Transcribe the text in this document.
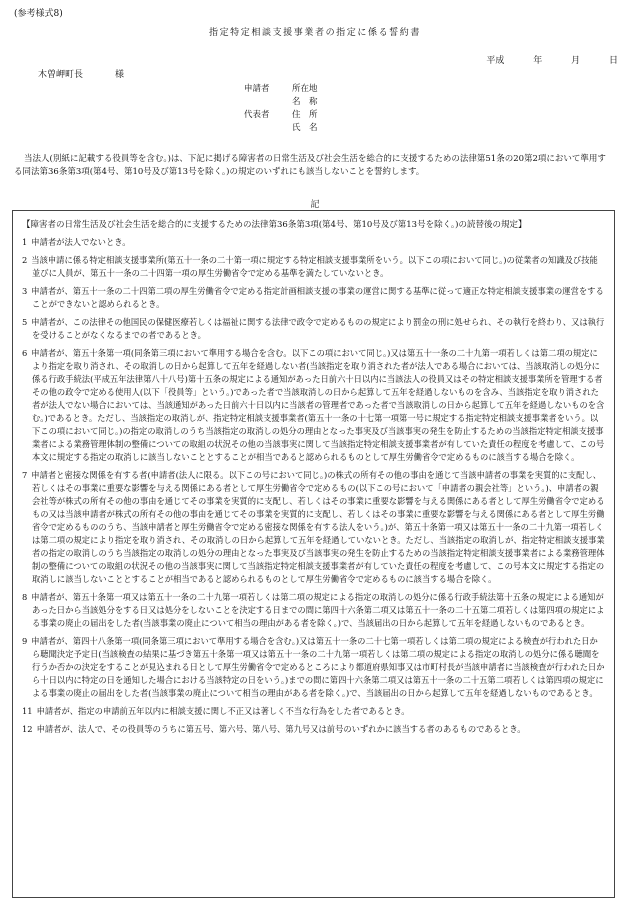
(参考様式8)
指定特定相談支援事業者の指定に係る誓約書
平成	年	月	日
木曽岬町長	様
申請者	所在地
名　称
代表者	住　所
氏　名
当法人(別紙に記載する役員等を含む。)は、下記に掲げる障害者の日常生活及び社会生活を総合的に支援するための法律第51条の20第2項において準用する同法第36条第3項(第4号、第10号及び第13号を除く。)の規定のいずれにも該当しないことを誓約します。
記
【障害者の日常生活及び社会生活を総合的に支援するための法律第36条第3項(第4号、第10号及び第13号を除く。)の読替後の規定】
1 申請者が法人でないとき。
2 当該申請に係る特定相談支援事業所(第五十一条の二十第一項に規定する特定相談支援事業所をいう。以下この項において同じ。)の従業者の知識及び技能並びに人員が、第五十一条の二十四第一項の厚生労働省令で定める基準を満たしていないとき。
3 申請者が、第五十一条の二十四第二項の厚生労働省令で定める指定計画相談支援の事業の運営に関する基準に従って適正な特定相談支援事業の運営をすることができないと認められるとき。
5 申請者が、この法律その他国民の保健医療若しくは福祉に関する法律で政令で定めるものの規定により罰金の刑に処せられ、その執行を終わり、又は執行を受けることがなくなるまでの者であるとき。
6 申請者が、第五十条第一項(同条第三項において準用する場合を含む。以下この項において同じ。)又は第五十一条の二十九第一項若しくは第二項の規定により指定を取り消され、その取消しの日から起算して五年を経過しない者(当該指定を取り消された者が法人である場合においては、当該取消しの処分に係る行政手続法(平成五年法律第八十八号)第十五条の規定による通知があった日前六十日以内に当該法人の役員又はその特定相談支援事業所を管理する者その他の政令で定める使用人(以下「役員等」という。)であった者で当該取消しの日から起算して五年を経過しないものを含み、当該指定を取り消された者が法人でない場合においては、当該通知があった日前六十日以内に当該者の管理者であった者で当該取消しの日から起算して五年を経過しないものを含む。)であるとき。ただし、当該指定の取消しが、指定特定相談支援事業者(第五十一条の十七第一項第一号に規定する指定特定相談支援事業者をいう。以下この項において同じ。)の指定の取消しのうち当該指定の取消しの処分の理由となった事実及び当該事実の発生を防止するための当該指定特定相談支援事業者による業務管理体制の整備についての取組の状況その他の当該事実に関して当該指定特定相談支援事業者が有していた責任の程度を考慮して、この号本文に規定する指定の取消しに該当しないこととすることが相当であると認められるものとして厚生労働省令で定めるものに該当する場合を除く。
7 申請者と密接な関係を有する者(申請者(法人に限る。以下この号において同じ。)の株式の所有その他の事由を通じて当該申請者の事業を実質的に支配し、若しくはその事業に重要な影響を与える関係にある者として厚生労働省令で定めるもの(以下この号において「申請者の親会社等」という。)、申請者の親会社等が株式の所有その他の事由を通じてその事業を実質的に支配し、若しくはその事業に重要な影響を与える関係にある者として厚生労働省令で定めるもの又は当該申請者が株式の所有その他の事由を通じてその事業を実質的に支配し、若しくはその事業に重要な影響を与える関係にある者として厚生労働省令で定めるもののうち、当該申請者と厚生労働省令で定める密接な関係を有する法人をいう。)が、第五十条第一項又は第五十一条の二十九第一項若しくは第二項の規定により指定を取り消され、その取消しの日から起算して五年を経過していないとき。ただし、当該指定の取消しが、指定特定相談支援事業者の指定の取消しのうち当該指定の取消しの処分の理由となった事実及び当該事実の発生を防止するための当該指定特定相談支援事業者による業務管理体制の整備についての取組の状況その他の当該事実に関して当該指定特定相談支援事業者が有していた責任の程度を考慮して、この号本文に規定する指定の取消しに該当しないこととすることが相当であると認められるものとして厚生労働省令で定めるものに該当する場合を除く。
8 申請者が、第五十条第一項又は第五十一条の二十九第一項若しくは第二項の規定による指定の取消しの処分に係る行政手続法第十五条の規定による通知があった日から当該処分をする日又は処分をしないことを決定する日までの間に第四十六条第二項又は第五十一条の二十五第二項若しくは第四項の規定による事業の廃止の届出をした者(当該事業の廃止について相当の理由がある者を除く。)で、当該届出の日から起算して五年を経過しないものであるとき。
9 申請者が、第四十八条第一項(同条第三項において準用する場合を含む。)又は第五十一条の二十七第一項若しくは第二項の規定による検査が行われた日から聴聞決定予定日(当該検査の結果に基づき第五十条第一項又は第五十一条の二十九第一項若しくは第二項の規定による指定の取消しの処分に係る聴聞を行うか否かの決定をすることが見込まれる日として厚生労働省令で定めるところにより都道府県知事又は市町村長が当該申請者に当該検査が行われた日から十日以内に特定の日を通知した場合における当該特定の日をいう。)までの間に第四十六条第二項又は第五十一条の二十五第二項若しくは第四項の規定による事業の廃止の届出をした者(当該事業の廃止について相当の理由がある者を除く。)で、当該届出の日から起算して五年を経過しないものであるとき。
11 申請者が、指定の申請前五年以内に相談支援に関し不正又は著しく不当な行為をした者であるとき。
12 申請者が、法人で、その役員等のうちに第五号、第六号、第八号、第九号又は前号のいずれかに該当する者のあるものであるとき。
